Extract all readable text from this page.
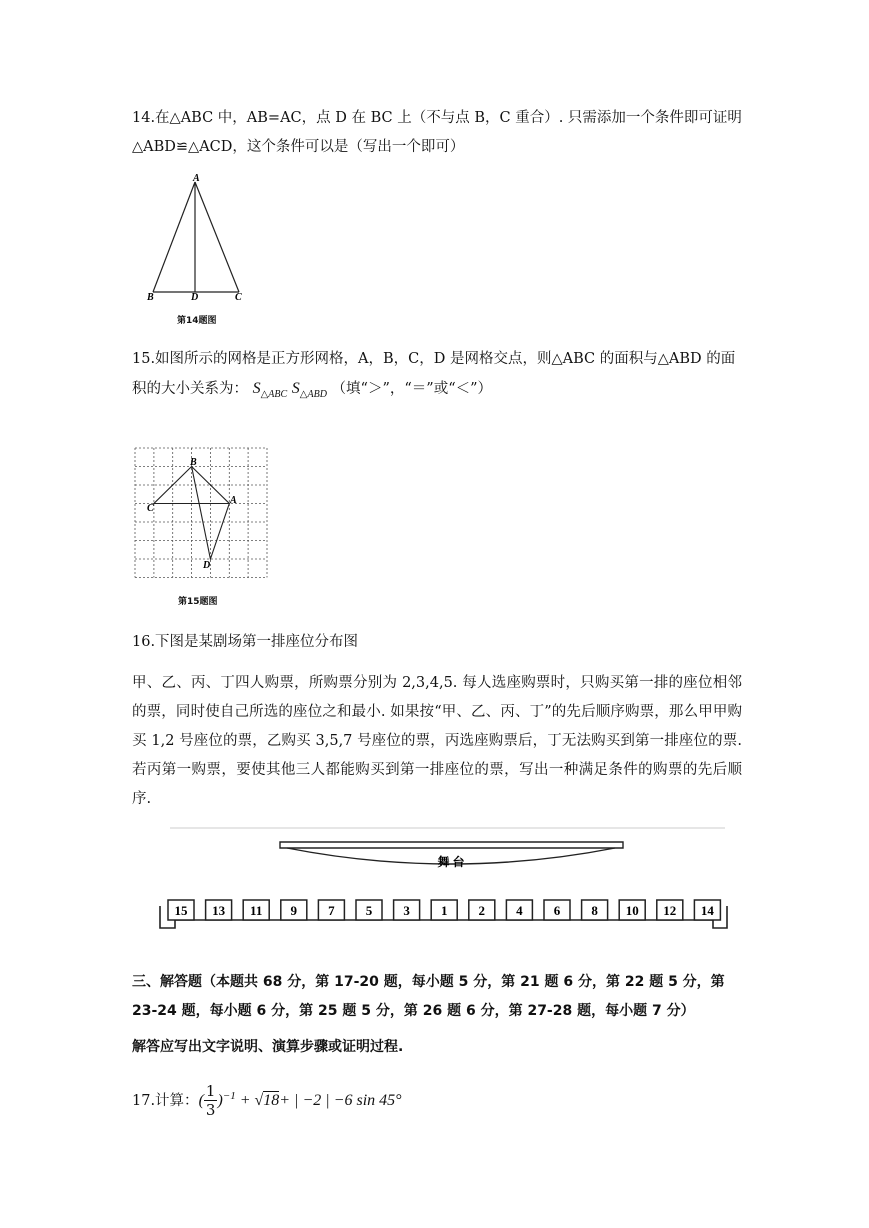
14.在△ABC 中，AB=AC，点 D 在 BC 上（不与点 B，C 重合）. 只需添加一个条件即可证明
△ABD≌△ACD，这个条件可以是（写出一个即可）

A
B	D	C
第14题图

15.如图所示的网格是正方形网格，A，B，C，D 是网格交点，则△ABC 的面积与△ABD 的面
积的大小关系为： $S_{\triangle ABC}$ $S_{\triangle ABD}$ （填“＞”，“＝”或“＜”）

B
C
A
D
第15题图

16.下图是某剧场第一排座位分布图

甲、乙、丙、丁四人购票，所购票分别为 2,3,4,5. 每人选座购票时，只购买第一排的座位相邻的票，同时使自己所选的座位之和最小. 如果按“甲、乙、丙、丁”的先后顺序购票，那么甲甲购买 1,2 号座位的票，乙购买 3,5,7 号座位的票，丙选座购票后，丁无法购买到第一排座位的票. 若丙第一购票，要使其他三人都能购买到第一排座位的票，写出一种满足条件的购票的先后顺序.

舞 台
15 13 11 9 7 5 3 1 2 4 6 8 10 12 14

三、解答题（本题共 68 分，第 17-20 题，每小题 5 分，第 21 题 6 分，第 22 题 5 分，第 23-24 题，每小题 6 分，第 25 题 5 分，第 26 题 6 分，第 27-28 题，每小题 7 分）

解答应写出文字说明、演算步骤或证明过程.

17.计算：( $\frac{1}{3} )^{-1} + √18+$ | −2 | −6 sin 45°
